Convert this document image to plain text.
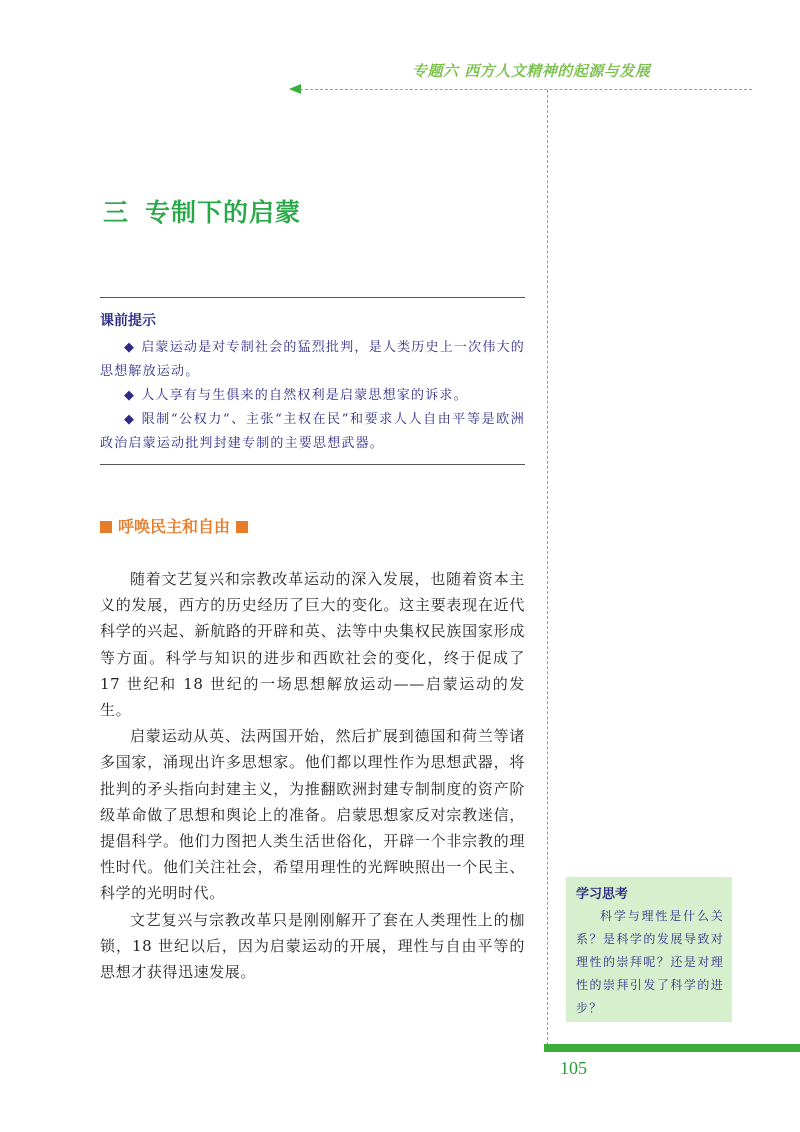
专题六 西方人文精神的起源与发展
三 专制下的启蒙
课前提示
◆ 启蒙运动是对专制社会的猛烈批判，是人类历史上一次伟大的思想解放运动。
◆ 人人享有与生俱来的自然权利是启蒙思想家的诉求。
◆ 限制“公权力”、主张“主权在民”和要求人人自由平等是欧洲政治启蒙运动批判封建专制的主要思想武器。
呼唤民主和自由

随着文艺复兴和宗教改革运动的深入发展，也随着资本主义的发展，西方的历史经历了巨大的变化。这主要表现在近代科学的兴起、新航路的开辟和英、法等中央集权民族国家形成等方面。科学与知识的进步和西欧社会的变化，终于促成了 17 世纪和 18 世纪的一场思想解放运动——启蒙运动的发生。

启蒙运动从英、法两国开始，然后扩展到德国和荷兰等诸多国家，涌现出许多思想家。他们都以理性作为思想武器，将批判的矛头指向封建主义，为推翻欧洲封建专制制度的资产阶级革命做了思想和舆论上的准备。启蒙思想家反对宗教迷信，提倡科学。他们力图把人类生活世俗化，开辟一个非宗教的理性时代。他们关注社会，希望用理性的光辉映照出一个民主、科学的光明时代。

文艺复兴与宗教改革只是刚刚解开了套在人类理性上的枷锁，18 世纪以后，因为启蒙运动的开展，理性与自由平等的思想才获得迅速发展。

学习思考
科学与理性是什么关系？是科学的发展导致对理性的崇拜呢？还是对理性的崇拜引发了科学的进步？
105
